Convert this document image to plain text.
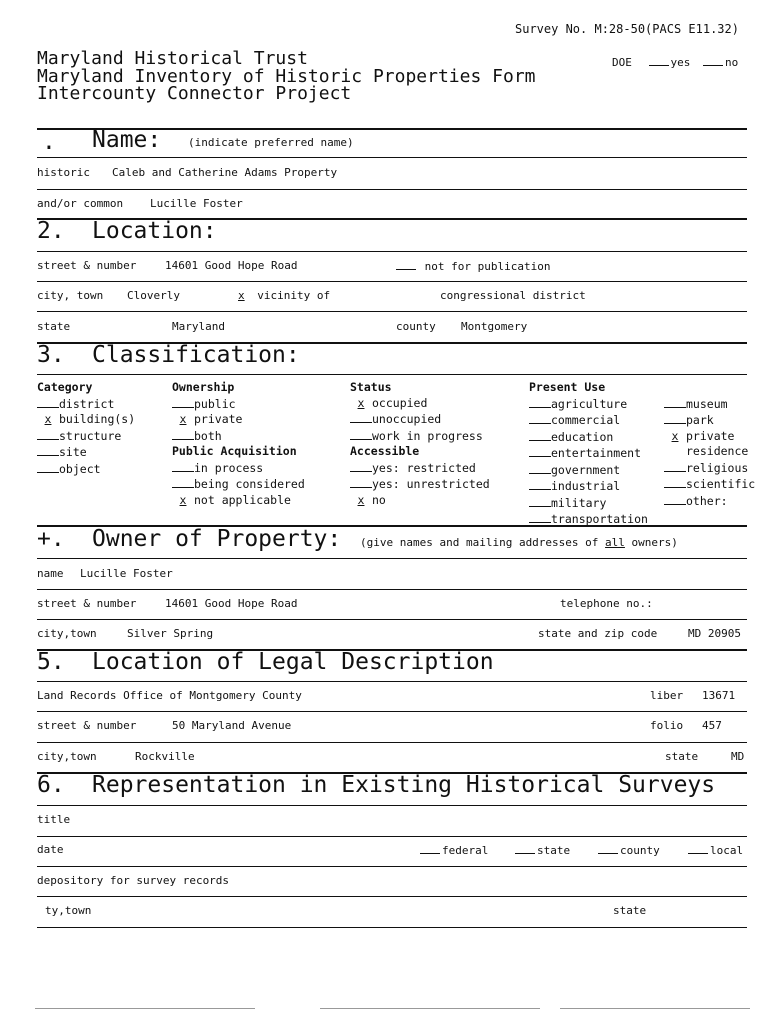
Survey No. M:28-50(PACS E11.32)
Maryland Historical Trust
Maryland Inventory of Historic Properties Form
Intercounty Connector Project
DOE	yes	no
. Name: (indicate preferred name)
historic Caleb and Catherine Adams Property
and/or common Lucille Foster
2. Location:
street & number	14601 Good Hope Road	not for publication
city, town Cloverly	x vicinity of	congressional district
state	Maryland	county Montgomery
3. Classification:
Category
district
x building(s)
structure
site
object
Ownership
public
x private
both
Public Acquisition
in process
being considered
x not applicable
Status
x occupied
unoccupied
work in progress
Accessible
yes: restricted
yes: unrestricted
x no
Present Use
agriculture
commercial
education
entertainment
government
industrial
military
transportation
museum
park
x private
residence
religious
scientific
other:
+. Owner of Property: (give names and mailing addresses of all owners)
name Lucille Foster
street & number	14601 Good Hope Road	telephone no.:
city,town	Silver Spring	state and zip code	MD 20905
5. Location of Legal Description
Land Records Office of Montgomery County	liber 13671
street & number	50 Maryland Avenue	folio 457
city,town	Rockville	state	MD
6. Representation in Existing Historical Surveys
title
date	federal	state	county	local
depository for survey records
ty,town	state
